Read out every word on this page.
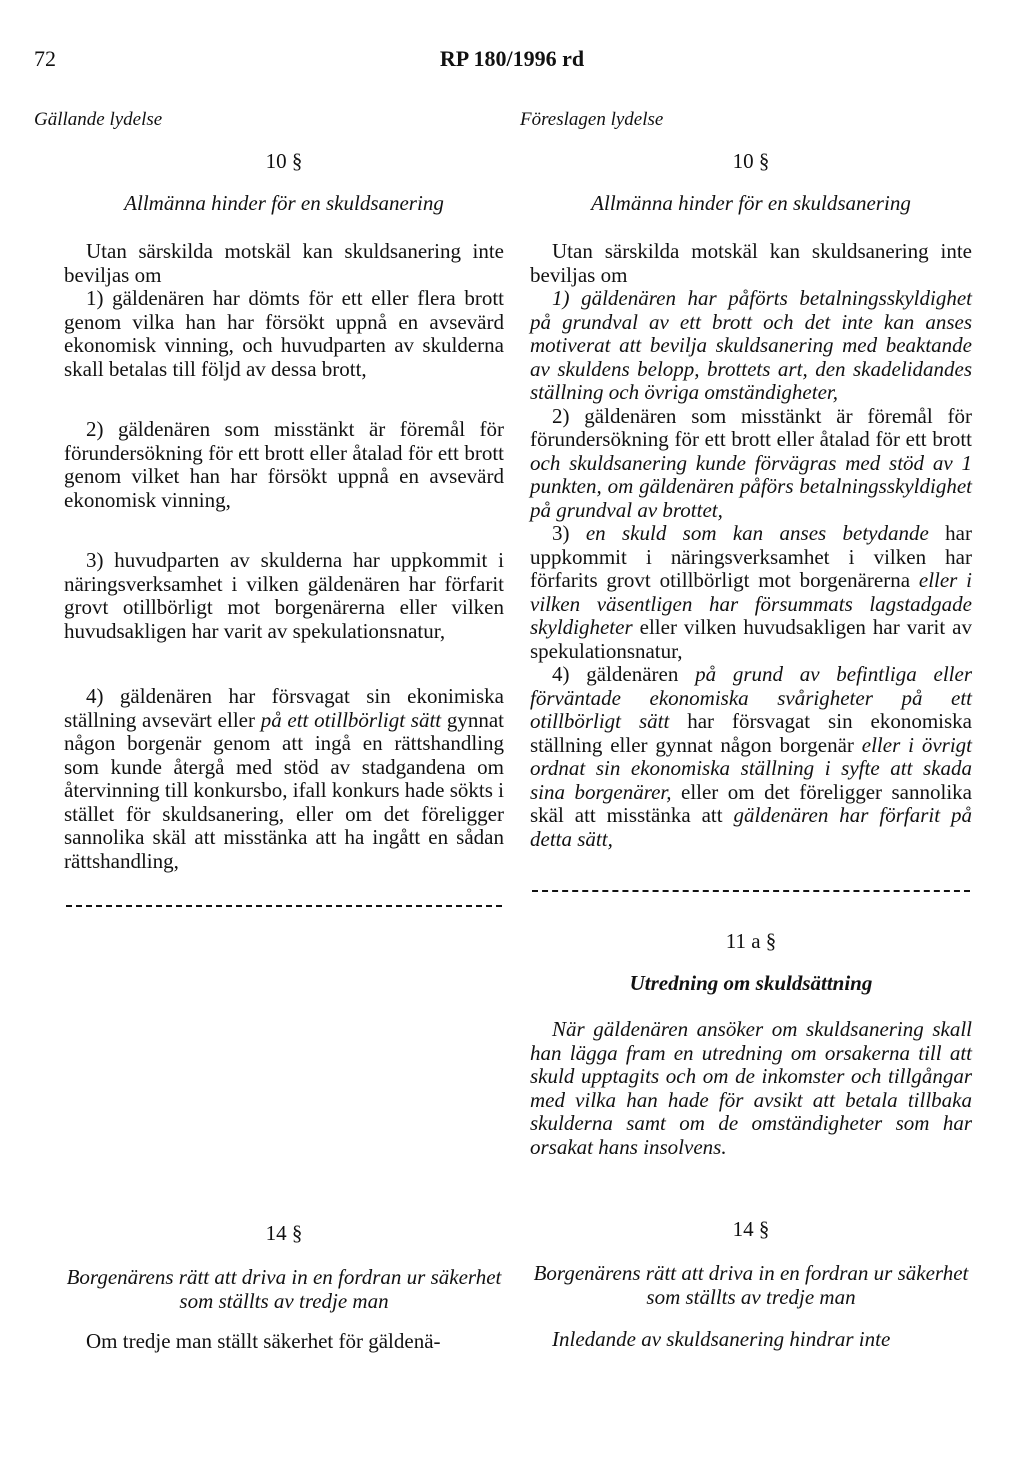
72	RP 180/1996 rd
Gällande lydelse	Föreslagen lydelse
10 §
Allmänna hinder för en skuldsanering

Utan särskilda motskäl kan skuldsanering inte beviljas om

1) gäldenären har dömts för ett eller flera brott genom vilka han har försökt uppnå en avsevärd ekonomisk vinning, och huvudparten av skulderna skall betalas till följd av dessa brott,

2) gäldenären som misstänkt är föremål för förundersökning för ett brott eller åtalad för ett brott genom vilket han har försökt uppnå en avsevärd ekonomisk vinning,

3) huvudparten av skulderna har uppkommit i näringsverksamhet i vilken gäldenären har förfarit grovt otillbörligt mot borgenärerna eller vilken huvudsakligen har varit av spekulationsnatur,

4) gäldenären har försvagat sin ekonimiska ställning avsevärt eller på ett otillbörligt sätt gynnat någon borgenär genom att ingå en rättshandling som kunde återgå med stöd av stadgandena om återvinning till konkursbo, ifall konkurs hade sökts i stället för skuldsanering, eller om det föreligger sannolika skäl att misstänka att ha ingått en sådan rättshandling,

10 §
Allmänna hinder för en skuldsanering

Utan särskilda motskäl kan skuldsanering inte beviljas om

1) gäldenären har påförts betalningsskyldighet på grundval av ett brott och det inte kan anses motiverat att bevilja skuldsanering med beaktande av skuldens belopp, brottets art, den skadelidandes ställning och övriga omständigheter,

2) gäldenären som misstänkt är föremål för förundersökning för ett brott eller åtalad för ett brott och skuldsanering kunde förvägras med stöd av 1 punkten, om gäldenären påförs betalningsskyldighet på grundval av brottet,

3) en skuld som kan anses betydande har uppkommit i näringsverksamhet i vilken har förfarits grovt otillbörligt mot borgenärerna eller i vilken väsentligen har försummats lagstadgade skyldigheter eller vilken huvudsakligen har varit av spekulationsnatur,

4) gäldenären på grund av befintliga eller förväntade ekonomiska svårigheter på ett otillbörligt sätt har försvagat sin ekonomiska ställning eller gynnat någon borgenär eller i övrigt ordnat sin ekonomiska ställning i syfte att skada sina borgenärer, eller om det föreligger sannolika skäl att misstänka att gäldenären har förfarit på detta sätt,

11 a §
Utredning om skuldsättning

När gäldenären ansöker om skuldsanering skall han lägga fram en utredning om orsakerna till att skuld upptagits och om de inkomster och tillgångar med vilka han hade för avsikt att betala tillbaka skulderna samt om de omständigheter som har orsakat hans insolvens.

14 §
Borgenärens rätt att driva in en fordran ur säkerhet som ställts av tredje man

Om tredje man ställt säkerhet för gäldenä-

14 §
Borgenärens rätt att driva in en fordran ur säkerhet som ställts av tredje man

Inledande av skuldsanering hindrar inte
